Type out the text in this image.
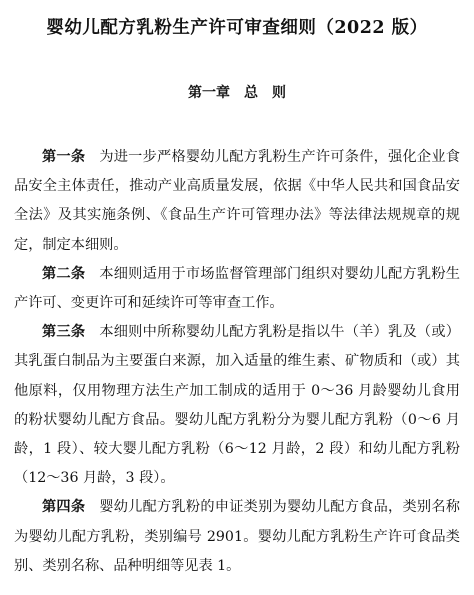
婴幼儿配方乳粉生产许可审查细则（2022 版）
第一章　总　则

第一条 为进一步严格婴幼儿配方乳粉生产许可条件，强化企业食品安全主体责任，推动产业高质量发展，依据《中华人民共和国食品安全法》及其实施条例、《食品生产许可管理办法》等法律法规规章的规定，制定本细则。

第二条 本细则适用于市场监督管理部门组织对婴幼儿配方乳粉生产许可、变更许可和延续许可等审查工作。

第三条 本细则中所称婴幼儿配方乳粉是指以牛（羊）乳及（或）其乳蛋白制品为主要蛋白来源，加入适量的维生素、矿物质和（或）其他原料，仅用物理方法生产加工制成的适用于 0～36 月龄婴幼儿食用的粉状婴幼儿配方食品。婴幼儿配方乳粉分为婴儿配方乳粉（0～6 月龄，1 段）、较大婴儿配方乳粉（6～12 月龄，2 段）和幼儿配方乳粉（12～36 月龄，3 段）。

第四条 婴幼儿配方乳粉的申证类别为婴幼儿配方食品，类别名称为婴幼儿配方乳粉，类别编号 2901。婴幼儿配方乳粉生产许可食品类别、类别名称、品种明细等见表 1。
